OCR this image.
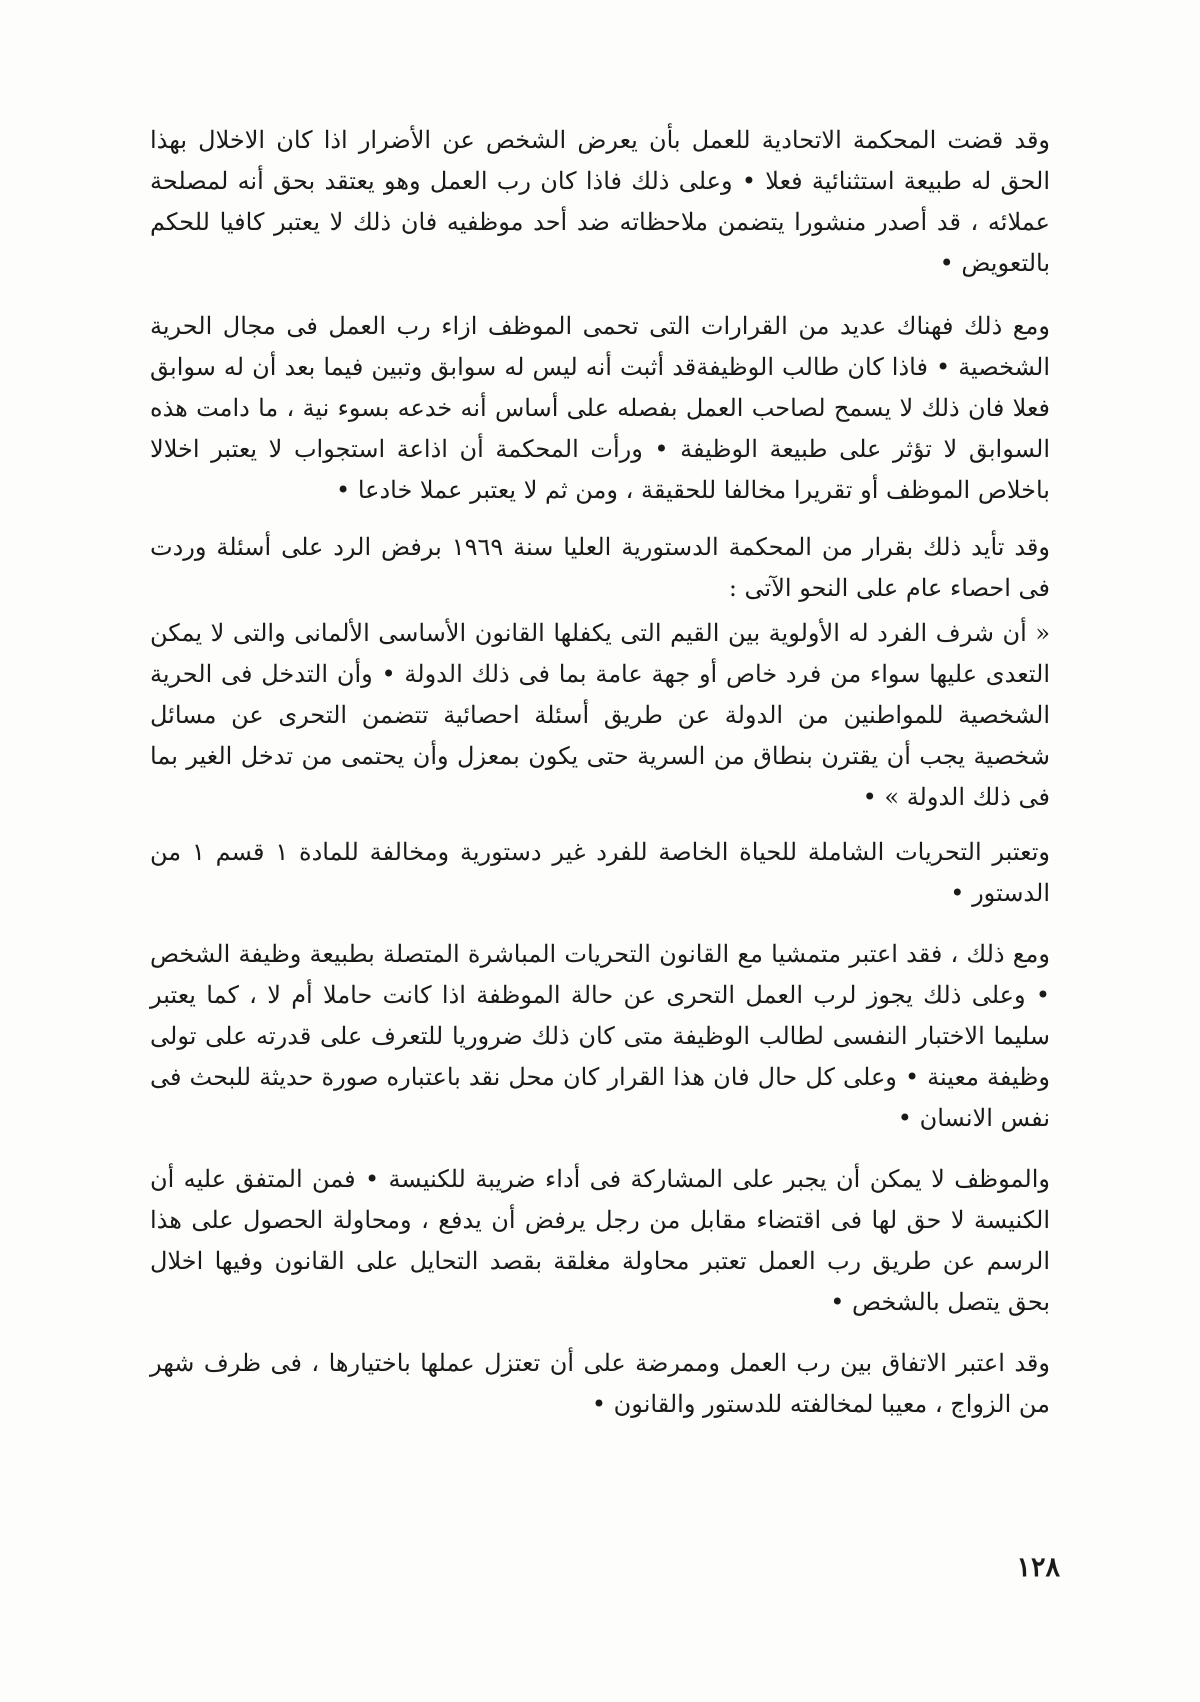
وقد قضت المحكمة الاتحادية للعمل بأن يعرض الشخص عن الأضرار اذا كان الاخلال بهذا الحق له طبيعة استثنائية فعلا • وعلى ذلك فاذا كان رب العمل وهو يعتقد بحق أنه لمصلحة عملائه ، قد أصدر منشورا يتضمن ملاحظاته ضد أحد موظفيه فان ذلك لا يعتبر كافيا للحكم بالتعويض •

ومع ذلك فهناك عديد من القرارات التى تحمى الموظف ازاء رب العمل فى مجال الحرية الشخصية • فاذا كان طالب الوظيفةقد أثبت أنه ليس له سوابق وتبين فيما بعد أن له سوابق فعلا فان ذلك لا يسمح لصاحب العمل بفصله على أساس أنه خدعه بسوء نية ، ما دامت هذه السوابق لا تؤثر على طبيعة الوظيفة • ورأت المحكمة أن اذاعة استجواب لا يعتبر اخلالا باخلاص الموظف أو تقريرا مخالفا للحقيقة ، ومن ثم لا يعتبر عملا خادعا •

وقد تأيد ذلك بقرار من المحكمة الدستورية العليا سنة ١٩٦٩ برفض الرد على أسئلة وردت فى احصاء عام على النحو الآتى :

« أن شرف الفرد له الأولوية بين القيم التى يكفلها القانون الأساسى الألمانى والتى لا يمكن التعدى عليها سواء من فرد خاص أو جهة عامة بما فى ذلك الدولة • وأن التدخل فى الحرية الشخصية للمواطنين من الدولة عن طريق أسئلة احصائية تتضمن التحرى عن مسائل شخصية يجب أن يقترن بنطاق من السرية حتى يكون بمعزل وأن يحتمى من تدخل الغير بما فى ذلك الدولة » •

وتعتبر التحريات الشاملة للحياة الخاصة للفرد غير دستورية ومخالفة للمادة ١ قسم ١ من الدستور •

ومع ذلك ، فقد اعتبر متمشيا مع القانون التحريات المباشرة المتصلة بطبيعة وظيفة الشخص • وعلى ذلك يجوز لرب العمل التحرى عن حالة الموظفة اذا كانت حاملا أم لا ، كما يعتبر سليما الاختبار النفسى لطالب الوظيفة متى كان ذلك ضروريا للتعرف على قدرته على تولى وظيفة معينة • وعلى كل حال فان هذا القرار كان محل نقد باعتباره صورة حديثة للبحث فى نفس الانسان •

والموظف لا يمكن أن يجبر على المشاركة فى أداء ضريبة للكنيسة • فمن المتفق عليه أن الكنيسة لا حق لها فى اقتضاء مقابل من رجل يرفض أن يدفع ، ومحاولة الحصول على هذا الرسم عن طريق رب العمل تعتبر محاولة مغلقة بقصد التحايل على القانون وفيها اخلال بحق يتصل بالشخص •

وقد اعتبر الاتفاق بين رب العمل وممرضة على أن تعتزل عملها باختيارها ، فى ظرف شهر من الزواج ، معيبا لمخالفته للدستور والقانون •

١٢٨
